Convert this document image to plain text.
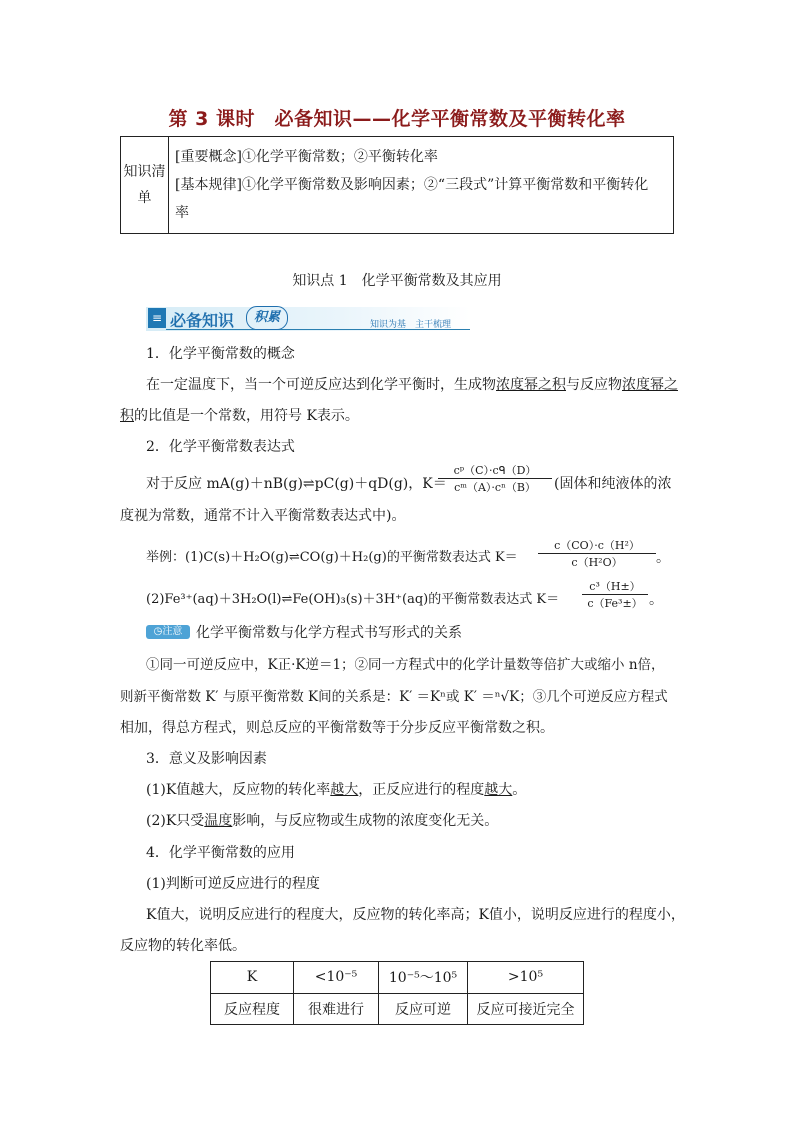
第 3 课时　必备知识——化学平衡常数及平衡转化率
知识清单	
[重要概念]①化学平衡常数；②平衡转化率
[基本规律]①化学平衡常数及影响因素；②“三段式”计算平衡常数和平衡转化
率
知识点 1　化学平衡常数及其应用
≡ 必备知识	积累	知识为基　主干梳理
1．化学平衡常数的概念
在一定温度下，当一个可逆反应达到化学平衡时，生成物浓度幂之积与反应物浓度幂之
积的比值是一个常数，用符号 K表示。
2．化学平衡常数表达式
对于反应 mA(g)＋nB(g)⇌pC(g)＋qD(g)，K＝
cᵖ（C）·cᑫ（D）
cᵐ（A）·cⁿ（B）	(固体和纯液体的浓
度视为常数，通常不计入平衡常数表达式中)。
举例：(1)C(s)＋H₂O(g)⇌CO(g)＋H₂(g)的平衡常数表达式 $K= \frac{\text{c（CO）·c（H²）}}{\text{c（H²O）}}$ 。
(2)Fe³⁺(aq)＋3H₂O(l)⇌Fe(OH)₃(s)＋3H⁺(aq)的平衡常数表达式 $K= \frac{\text{c³（H±）}}{\text{c（Fe³±）}}$ 。
◷注意 化学平衡常数与化学方程式书写形式的关系
①同一可逆反应中，K正·K逆＝1；②同一方程式中的化学计量数等倍扩大或缩小 n倍，
则新平衡常数 K′ 与原平衡常数 K间的关系是：K′ ＝Kⁿ或 K′ ＝ⁿ√K；③几个可逆反应方程式
相加，得总方程式，则总反应的平衡常数等于分步反应平衡常数之积。
3．意义及影响因素
(1)K值越大，反应物的转化率越大，正反应进行的程度越大。
(2)K只受温度影响，与反应物或生成物的浓度变化无关。
4．化学平衡常数的应用
(1)判断可逆反应进行的程度
K值大，说明反应进行的程度大，反应物的转化率高；K值小，说明反应进行的程度小，
反应物的转化率低。
K	<10⁻⁵	10⁻⁵～10⁵	>10⁵
反应程度	很难进行	反应可逆	反应可接近完全
